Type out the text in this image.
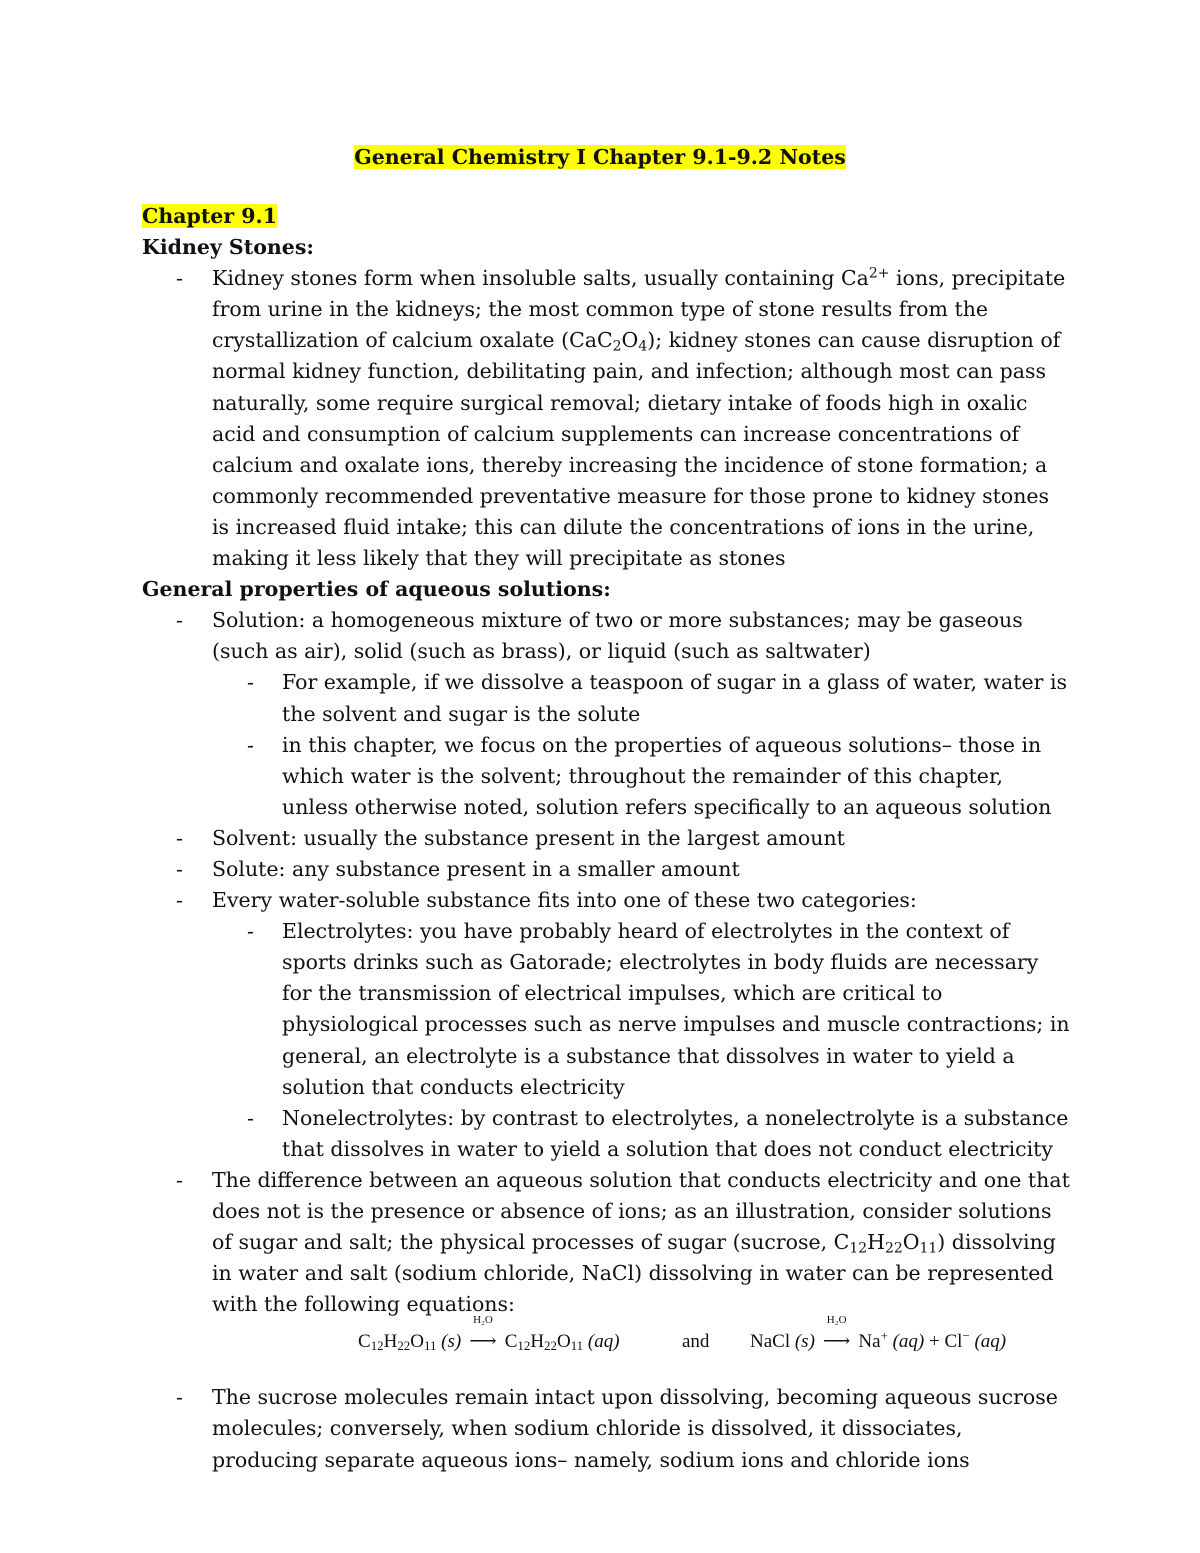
General Chemistry I Chapter 9.1-9.2 Notes

Chapter 9.1

Kidney Stones:

- Kidney stones form when insoluble salts, usually containing $Ca^{2+}$ ions, precipitate from urine in the kidneys; the most common type of stone results from the crystallization of calcium oxalate $(CaC_2O_4)$; kidney stones can cause disruption of normal kidney function, debilitating pain, and infection; although most can pass naturally, some require surgical removal; dietary intake of foods high in oxalic acid and consumption of calcium supplements can increase concentrations of calcium and oxalate ions, thereby increasing the incidence of stone formation; a commonly recommended preventative measure for those prone to kidney stones is increased fluid intake; this can dilute the concentrations of ions in the urine, making it less likely that they will precipitate as stones

General properties of aqueous solutions:

- Solution: a homogeneous mixture of two or more substances; may be gaseous (such as air), solid (such as brass), or liquid (such as saltwater)
- For example, if we dissolve a teaspoon of sugar in a glass of water, water is the solvent and sugar is the solute
- in this chapter, we focus on the properties of aqueous solutions– those in which water is the solvent; throughout the remainder of this chapter, unless otherwise noted, solution refers specifically to an aqueous solution
- Solvent: usually the substance present in the largest amount
- Solute: any substance present in a smaller amount
- Every water-soluble substance fits into one of these two categories:
- Electrolytes: you have probably heard of electrolytes in the context of sports drinks such as Gatorade; electrolytes in body fluids are necessary for the transmission of electrical impulses, which are critical to physiological processes such as nerve impulses and muscle contractions; in general, an electrolyte is a substance that dissolves in water to yield a solution that conducts electricity
- Nonelectrolytes: by contrast to electrolytes, a nonelectrolyte is a substance that dissolves in water to yield a solution that does not conduct electricity
- The difference between an aqueous solution that conducts electricity and one that does not is the presence or absence of ions; as an illustration, consider solutions of sugar and salt; the physical processes of sugar (sucrose, $C_{12}H_{22}O_{11}$) dissolving in water and salt (sodium chloride, NaCl) dissolving in water can be represented with the following equations:
$C_{12}H_{22}O_{11}$ (s)
H₂O
⟶ $C_{12}H_{22}O_{11}$ (aq)	and NaCl (s)
H₂O
⟶ Na+ (aq) + Cl− (aq)
- The sucrose molecules remain intact upon dissolving, becoming aqueous sucrose molecules; conversely, when sodium chloride is dissolved, it dissociates, producing separate aqueous ions– namely, sodium ions and chloride ions
